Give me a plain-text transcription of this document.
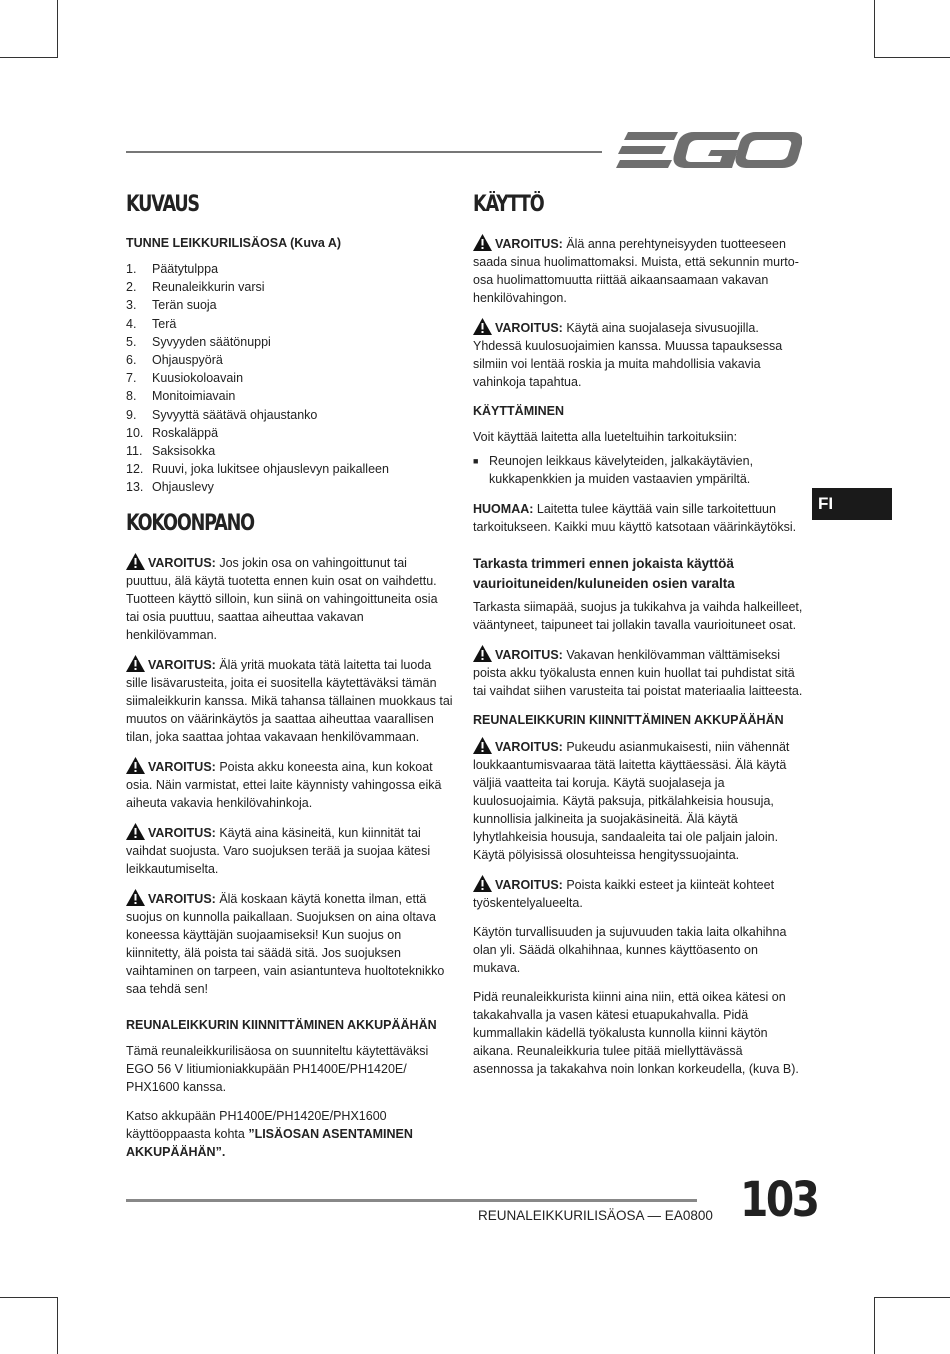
FI
KUVAUS
TUNNE LEIKKURILISÄOSA (Kuva A)
1.	Päätytulppa
2.	Reunaleikkurin varsi
3.	Terän suoja
4.	Terä
5.	Syvyyden säätönuppi
6.	Ohjauspyörä
7.	Kuusiokoloavain
8.	Monitoimiavain
9.	Syvyyttä säätävä ohjaustanko
10. Roskaläppä
11. Saksisokka
12. Ruuvi, joka lukitsee ohjauslevyn paikalleen
13. Ohjauslevy
KOKOONPANO

VAROITUS: Jos jokin osa on vahingoittunut tai puuttuu, älä käytä tuotetta ennen kuin osat on vaihdettu. Tuotteen käyttö silloin, kun siinä on vahingoittuneita osia tai osia puuttuu, saattaa aiheuttaa vakavan henkilövamman.

VAROITUS: Älä yritä muokata tätä laitetta tai luoda sille lisävarusteita, joita ei suositella käytettäväksi tämän siimaleikkurin kanssa. Mikä tahansa tällainen muokkaus tai muutos on väärinkäytös ja saattaa aiheuttaa vaarallisen tilan, joka saattaa johtaa vakavaan henkilövammaan.

VAROITUS: Poista akku koneesta aina, kun kokoat osia. Näin varmistat, ettei laite käynnisty vahingossa eikä aiheuta vakavia henkilövahinkoja.

VAROITUS: Käytä aina käsineitä, kun kiinnität tai vaihdat suojusta. Varo suojuksen terää ja suojaa kätesi leikkautumiselta.

VAROITUS: Älä koskaan käytä konetta ilman, että suojus on kunnolla paikallaan. Suojuksen on aina oltava koneessa käyttäjän suojaamiseksi! Kun suojus on kiinnitetty, älä poista tai säädä sitä. Jos suojuksen vaihtaminen on tarpeen, vain asiantunteva huoltoteknikko saa tehdä sen!

REUNALEIKKURIN KIINNITTÄMINEN AKKUPÄÄHÄN

Tämä reunaleikkurilisäosa on suunniteltu käytettäväksi EGO 56 V litiumioniakkupään PH1400E/PH1420E/ PHX1600 kanssa.

Katso akkupään PH1400E/PH1420E/PHX1600 käyttöoppaasta kohta ”LISÄOSAN ASENTAMINEN AKKUPÄÄHÄN”.

KÄYTTÖ

VAROITUS: Älä anna perehtyneisyyden tuotteeseen saada sinua huolimattomaksi. Muista, että sekunnin murto-osa huolimattomuutta riittää aikaansaamaan vakavan henkilövahingon.

VAROITUS: Käytä aina suojalaseja sivusuojilla. Yhdessä kuulosuojaimien kanssa. Muussa tapauksessa silmiin voi lentää roskia ja muita mahdollisia vakavia vahinkoja tapahtua.

KÄYTTÄMINEN

Voit käyttää laitetta alla lueteltuihin tarkoituksiin:

■ Reunojen leikkaus kävelyteiden, jalkakäytävien, kukkapenkkien ja muiden vastaavien ympäriltä.

HUOMAA: Laitetta tulee käyttää vain sille tarkoitettuun tarkoitukseen. Kaikki muu käyttö katsotaan väärinkäytöksi.

Tarkasta trimmeri ennen jokaista käyttöä vaurioituneiden/kuluneiden osien varalta

Tarkasta siimapää, suojus ja tukikahva ja vaihda halkeilleet, vääntyneet, taipuneet tai jollakin tavalla vaurioituneet osat.

VAROITUS: Vakavan henkilövamman välttämiseksi poista akku työkalusta ennen kuin huollat tai puhdistat sitä tai vaihdat siihen varusteita tai poistat materiaalia laitteesta.

REUNALEIKKURIN KIINNITTÄMINEN AKKUPÄÄHÄN

VAROITUS: Pukeudu asianmukaisesti, niin vähennät loukkaantumisvaaraa tätä laitetta käyttäessäsi. Älä käytä väljiä vaatteita tai koruja. Käytä suojalaseja ja kuulosuojaimia. Käytä paksuja, pitkälahkeisia housuja, kunnollisia jalkineita ja suojakäsineitä. Älä käytä lyhytlahkeisia housuja, sandaaleita tai ole paljain jaloin. Käytä pölyisissä olosuhteissa hengityssuojainta.

VAROITUS: Poista kaikki esteet ja kiinteät kohteet työskentelyalueelta.

Käytön turvallisuuden ja sujuvuuden takia laita olkahihna olan yli. Säädä olkahihnaa, kunnes käyttöasento on mukava.

Pidä reunaleikkurista kiinni aina niin, että oikea kätesi on takakahvalla ja vasen kätesi etuapukahvalla. Pidä kummallakin kädellä työkalusta kunnolla kiinni käytön aikana. Reunaleikkuria tulee pitää miellyttävässä asennossa ja takakahva noin lonkan korkeudella, (kuva B).

REUNALEIKKURILISÄOSA — EA0800 103
